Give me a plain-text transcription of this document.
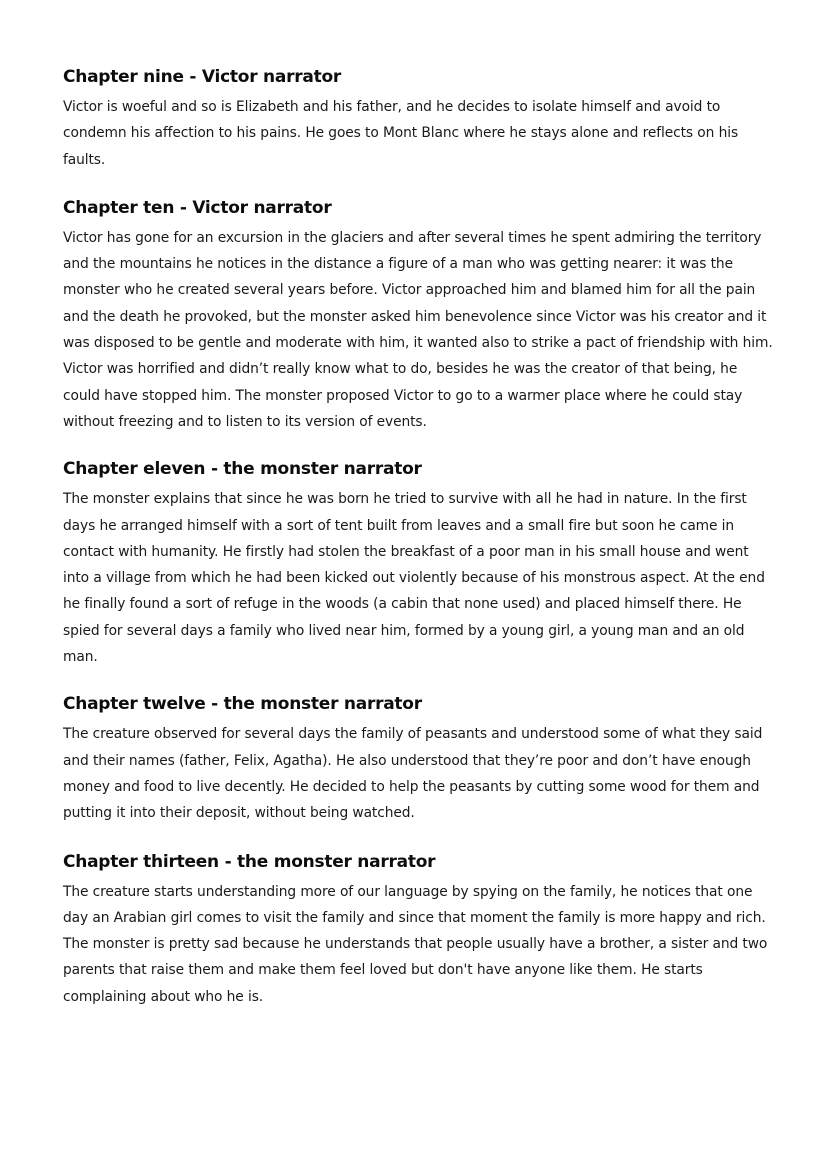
Chapter nine - Victor narrator

Victor is woeful and so is Elizabeth and his father, and he decides to isolate himself and avoid to condemn his affection to his pains. He goes to Mont Blanc where he stays alone and reflects on his faults.

Chapter ten - Victor narrator

Victor has gone for an excursion in the glaciers and after several times he spent admiring the territory and the mountains he notices in the distance a figure of a man who was getting nearer: it was the monster who he created several years before. Victor approached him and blamed him for all the pain and the death he provoked, but the monster asked him benevolence since Victor was his creator and it was disposed to be gentle and moderate with him, it wanted also to strike a pact of friendship with him. Victor was horrified and didn’t really know what to do, besides he was the creator of that being, he could have stopped him. The monster proposed Victor to go to a warmer place where he could stay without freezing and to listen to its version of events.

Chapter eleven - the monster narrator

The monster explains that since he was born he tried to survive with all he had in nature. In the first days he arranged himself with a sort of tent built from leaves and a small fire but soon he came in contact with humanity. He firstly had stolen the breakfast of a poor man in his small house and went into a village from which he had been kicked out violently because of his monstrous aspect. At the end he finally found a sort of refuge in the woods (a cabin that none used) and placed himself there. He spied for several days a family who lived near him, formed by a young girl, a young man and an old man.

Chapter twelve - the monster narrator

The creature observed for several days the family of peasants and understood some of what they said and their names (father, Felix, Agatha). He also understood that they’re poor and don’t have enough money and food to live decently. He decided to help the peasants by cutting some wood for them and putting it into their deposit, without being watched.

Chapter thirteen - the monster narrator

The creature starts understanding more of our language by spying on the family, he notices that one day an Arabian girl comes to visit the family and since that moment the family is more happy and rich. The monster is pretty sad because he understands that people usually have a brother, a sister and two parents that raise them and make them feel loved but don't have anyone like them. He starts complaining about who he is.
